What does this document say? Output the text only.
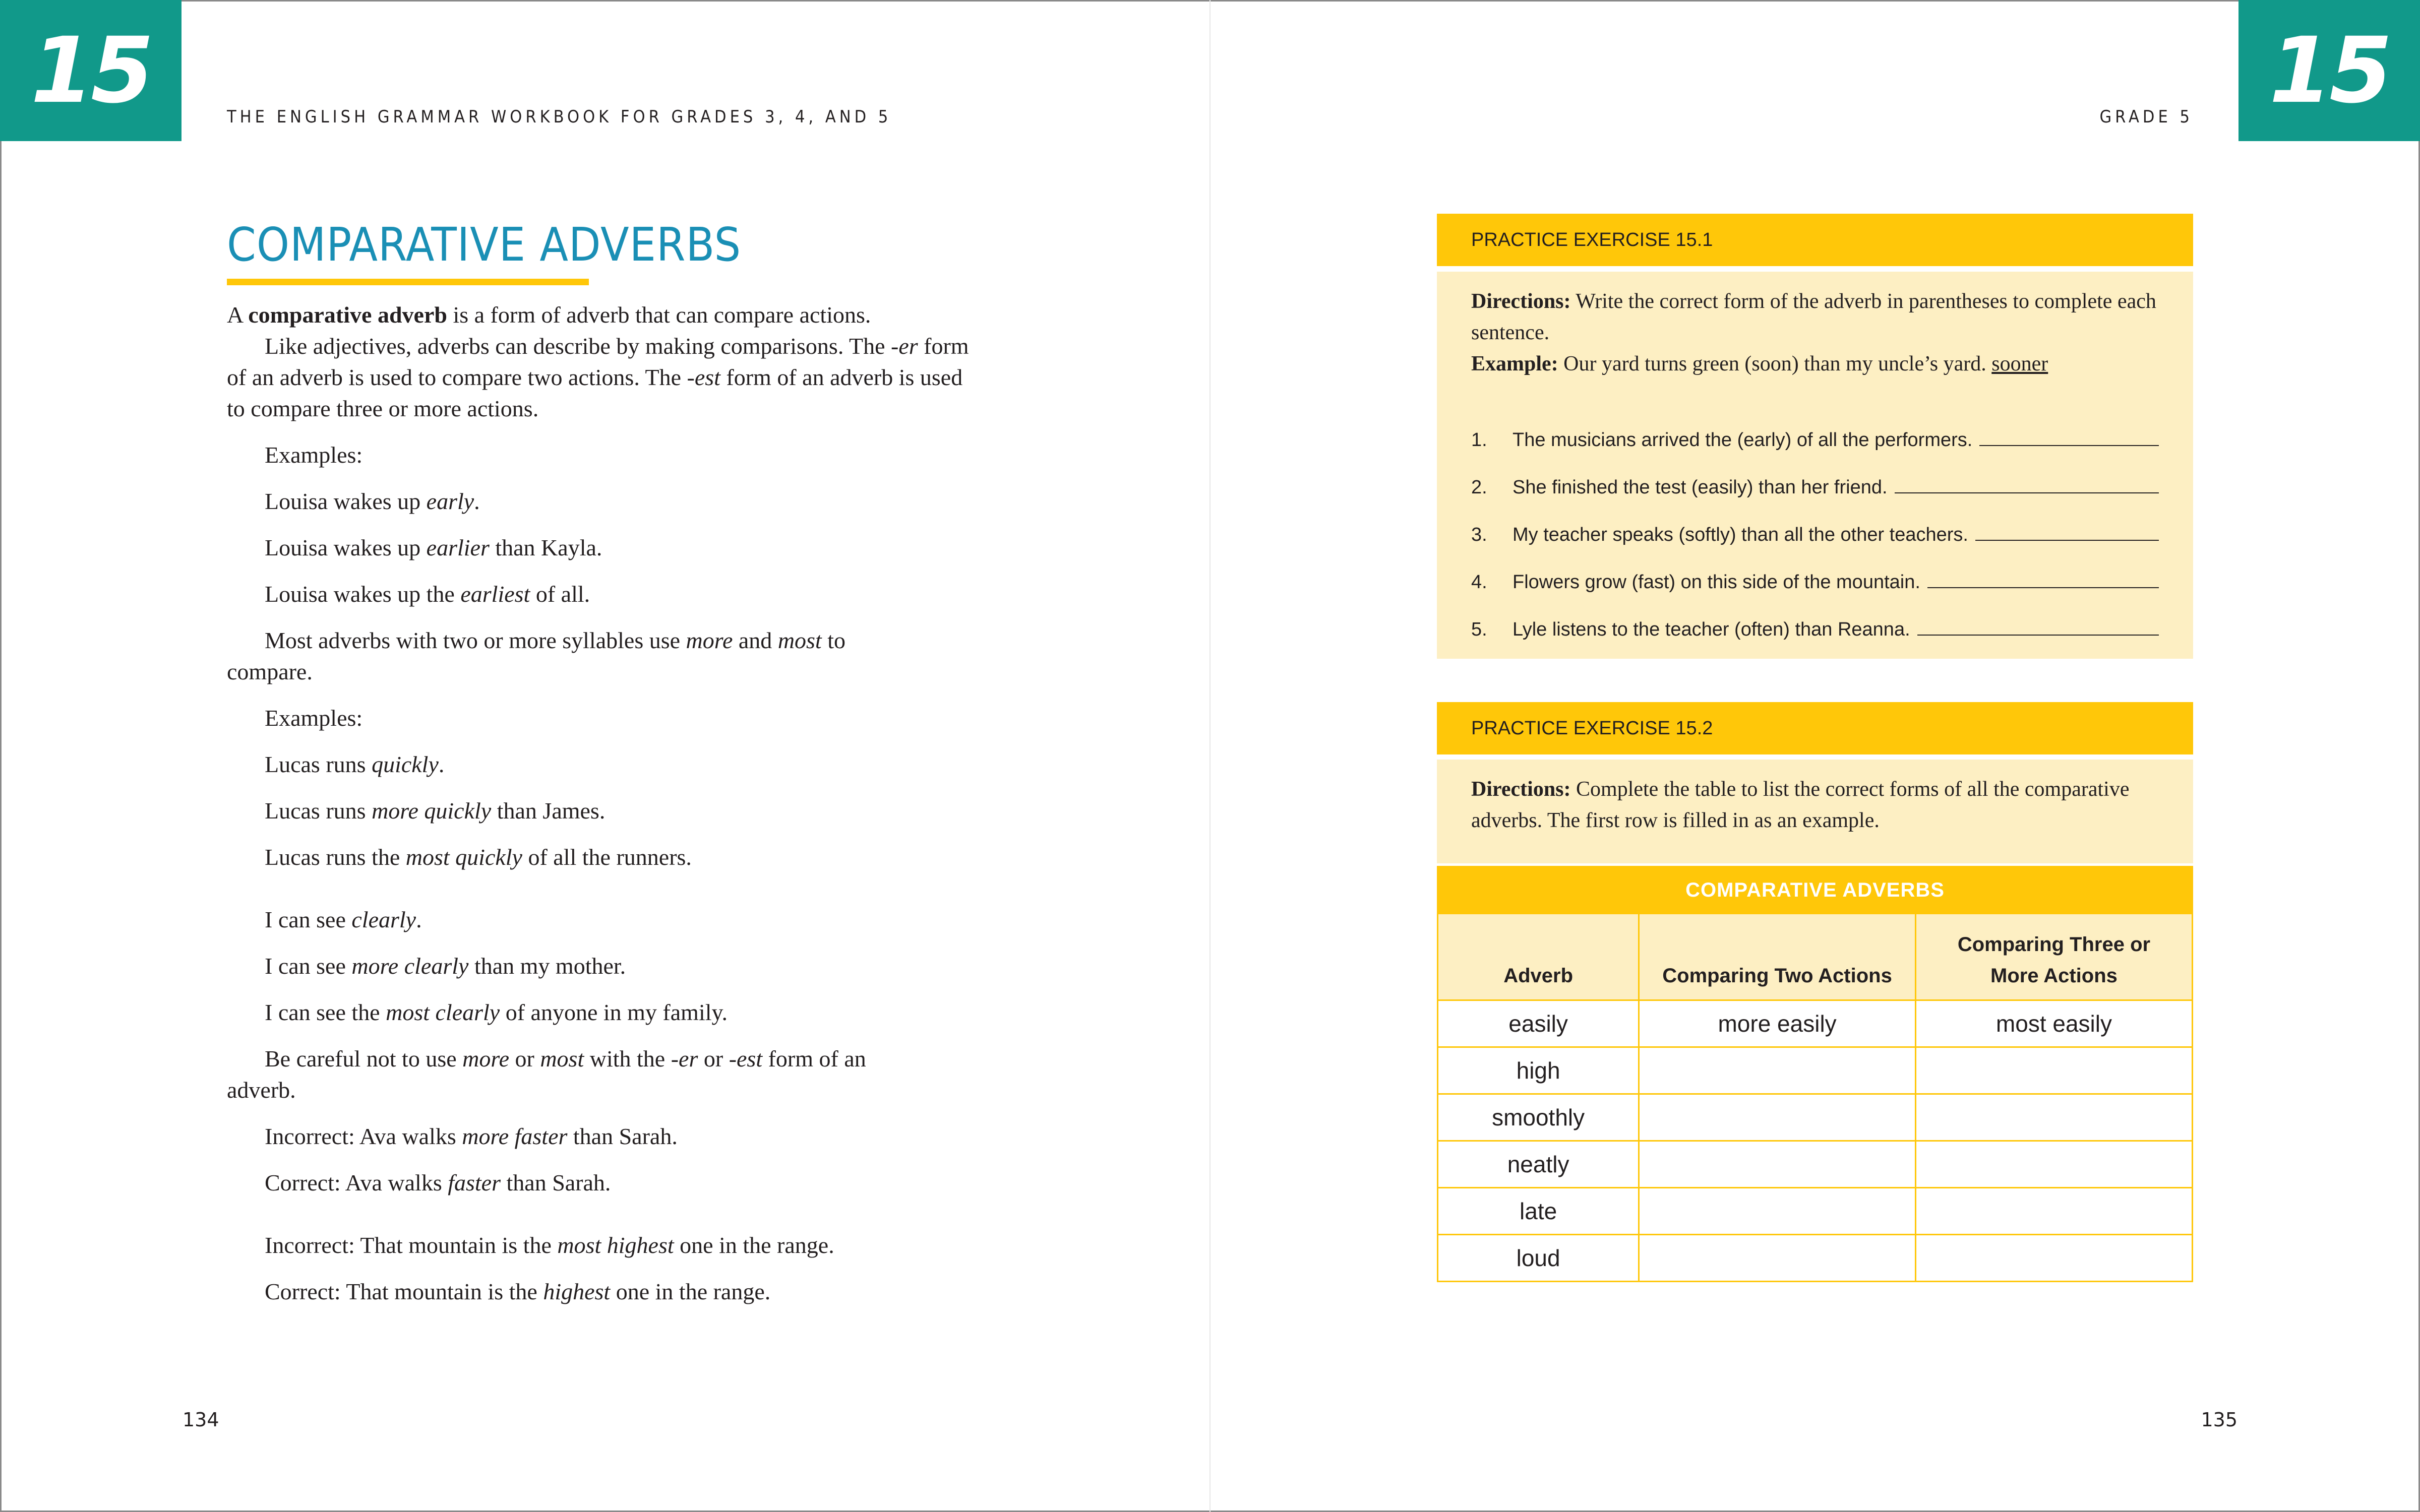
15	15
THE ENGLISH GRAMMAR WORKBOOK FOR GRADES 3, 4, AND 5	GRADE 5
COMPARATIVE ADVERBS

A comparative adverb is a form of adverb that can compare actions.

Like adjectives, adverbs can describe by making comparisons. The -er form of an adverb is used to compare two actions. The -est form of an adverb is used to compare three or more actions.

Examples:

Louisa wakes up early.

Louisa wakes up earlier than Kayla.

Louisa wakes up the earliest of all.

Most adverbs with two or more syllables use more and most to compare.

Examples:

Lucas runs quickly.

Lucas runs more quickly than James.

Lucas runs the most quickly of all the runners.

I can see clearly.

I can see more clearly than my mother.

I can see the most clearly of anyone in my family.

Be careful not to use more or most with the -er or -est form of an adverb.

Incorrect: Ava walks more faster than Sarah.

Correct: Ava walks faster than Sarah.

Incorrect: That mountain is the most highest one in the range.

Correct: That mountain is the highest one in the range.

PRACTICE EXERCISE 15.1
Directions: Write the correct form of the adverb in parentheses to complete each sentence.
Example: Our yard turns green (soon) than my uncle’s yard. sooner
1.	The musicians arrived the (early) of all the performers.
2.	She finished the test (easily) than her friend.
3.	My teacher speaks (softly) than all the other teachers.
4.	Flowers grow (fast) on this side of the mountain.
5.	Lyle listens to the teacher (often) than Reanna.
PRACTICE EXERCISE 15.2
Directions: Complete the table to list the correct forms of all the comparative adverbs. The first row is filled in as an example.
COMPARATIVE ADVERBS		
Adverb	Comparing Two Actions	Comparing Three or More Actions
easily	more easily	most easily
high		
smoothly		
neatly		
late		
loud		
134	135
